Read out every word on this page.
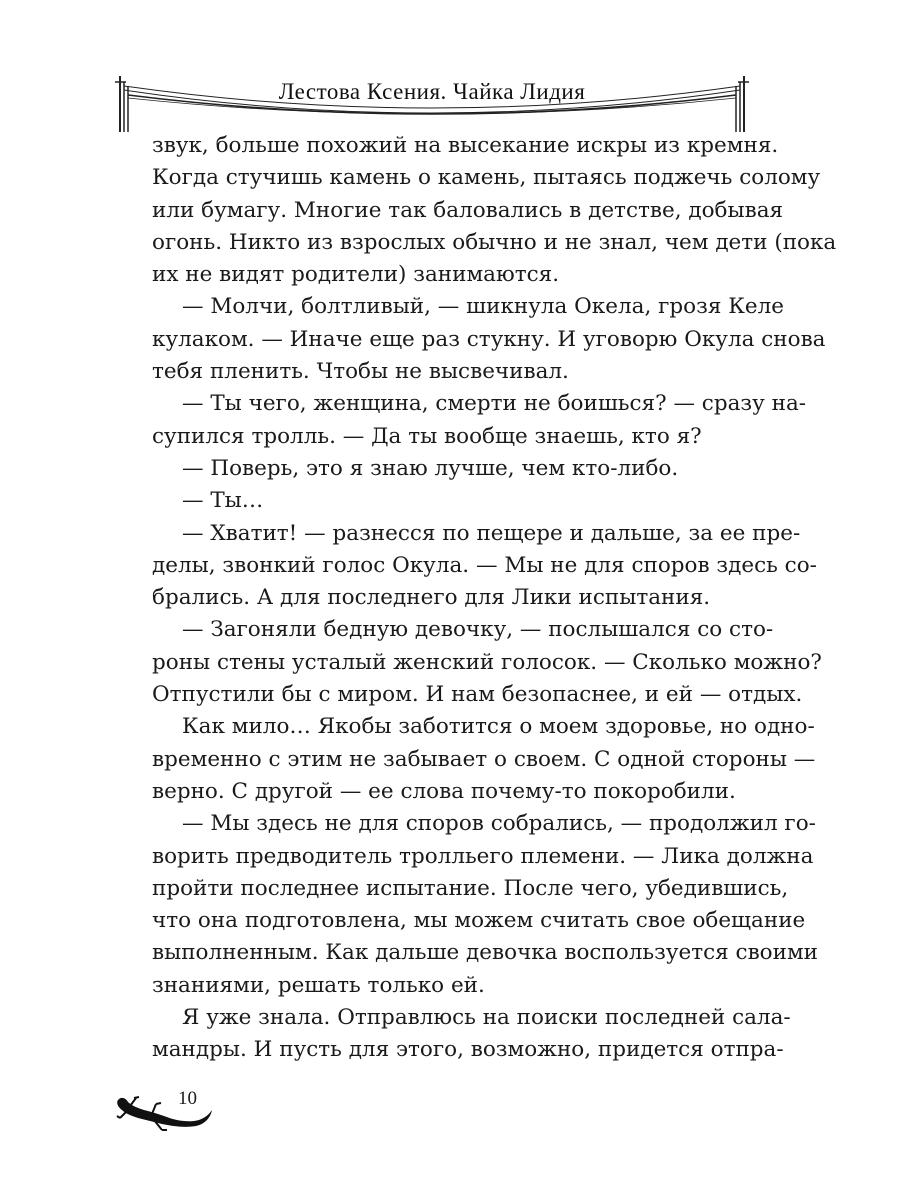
Лестова Ксения. Чайка Лидия
звук, больше похожий на высекание искры из кремня.
Когда стучишь камень о камень, пытаясь поджечь солому
или бумагу. Многие так баловались в детстве, добывая
огонь. Никто из взрослых обычно и не знал, чем дети (пока
их не видят родители) занимаются.
— Молчи, болтливый, — шикнула Окела, грозя Келе
кулаком. — Иначе еще раз стукну. И уговорю Окула снова
тебя пленить. Чтобы не высвечивал.
— Ты чего, женщина, смерти не боишься? — сразу на-
супился тролль. — Да ты вообще знаешь, кто я?
— Поверь, это я знаю лучше, чем кто-либо.
— Ты…
— Хватит! — разнесся по пещере и дальше, за ее пре-
делы, звонкий голос Окула. — Мы не для споров здесь со-
брались. А для последнего для Лики испытания.
— Загоняли бедную девочку, — послышался со сто-
роны стены усталый женский голосок. — Сколько можно?
Отпустили бы с миром. И нам безопаснее, и ей — отдых.
Как мило… Якобы заботится о моем здоровье, но одно-
временно с этим не забывает о своем. С одной стороны —
верно. С другой — ее слова почему-то покоробили.
— Мы здесь не для споров собрались, — продолжил го-
ворить предводитель тролльего племени. — Лика должна
пройти последнее испытание. После чего, убедившись,
что она подготовлена, мы можем считать свое обещание
выполненным. Как дальше девочка воспользуется своими
знаниями, решать только ей.
Я уже знала. Отправлюсь на поиски последней сала-
мандры. И пусть для этого, возможно, придется отпра-
10
